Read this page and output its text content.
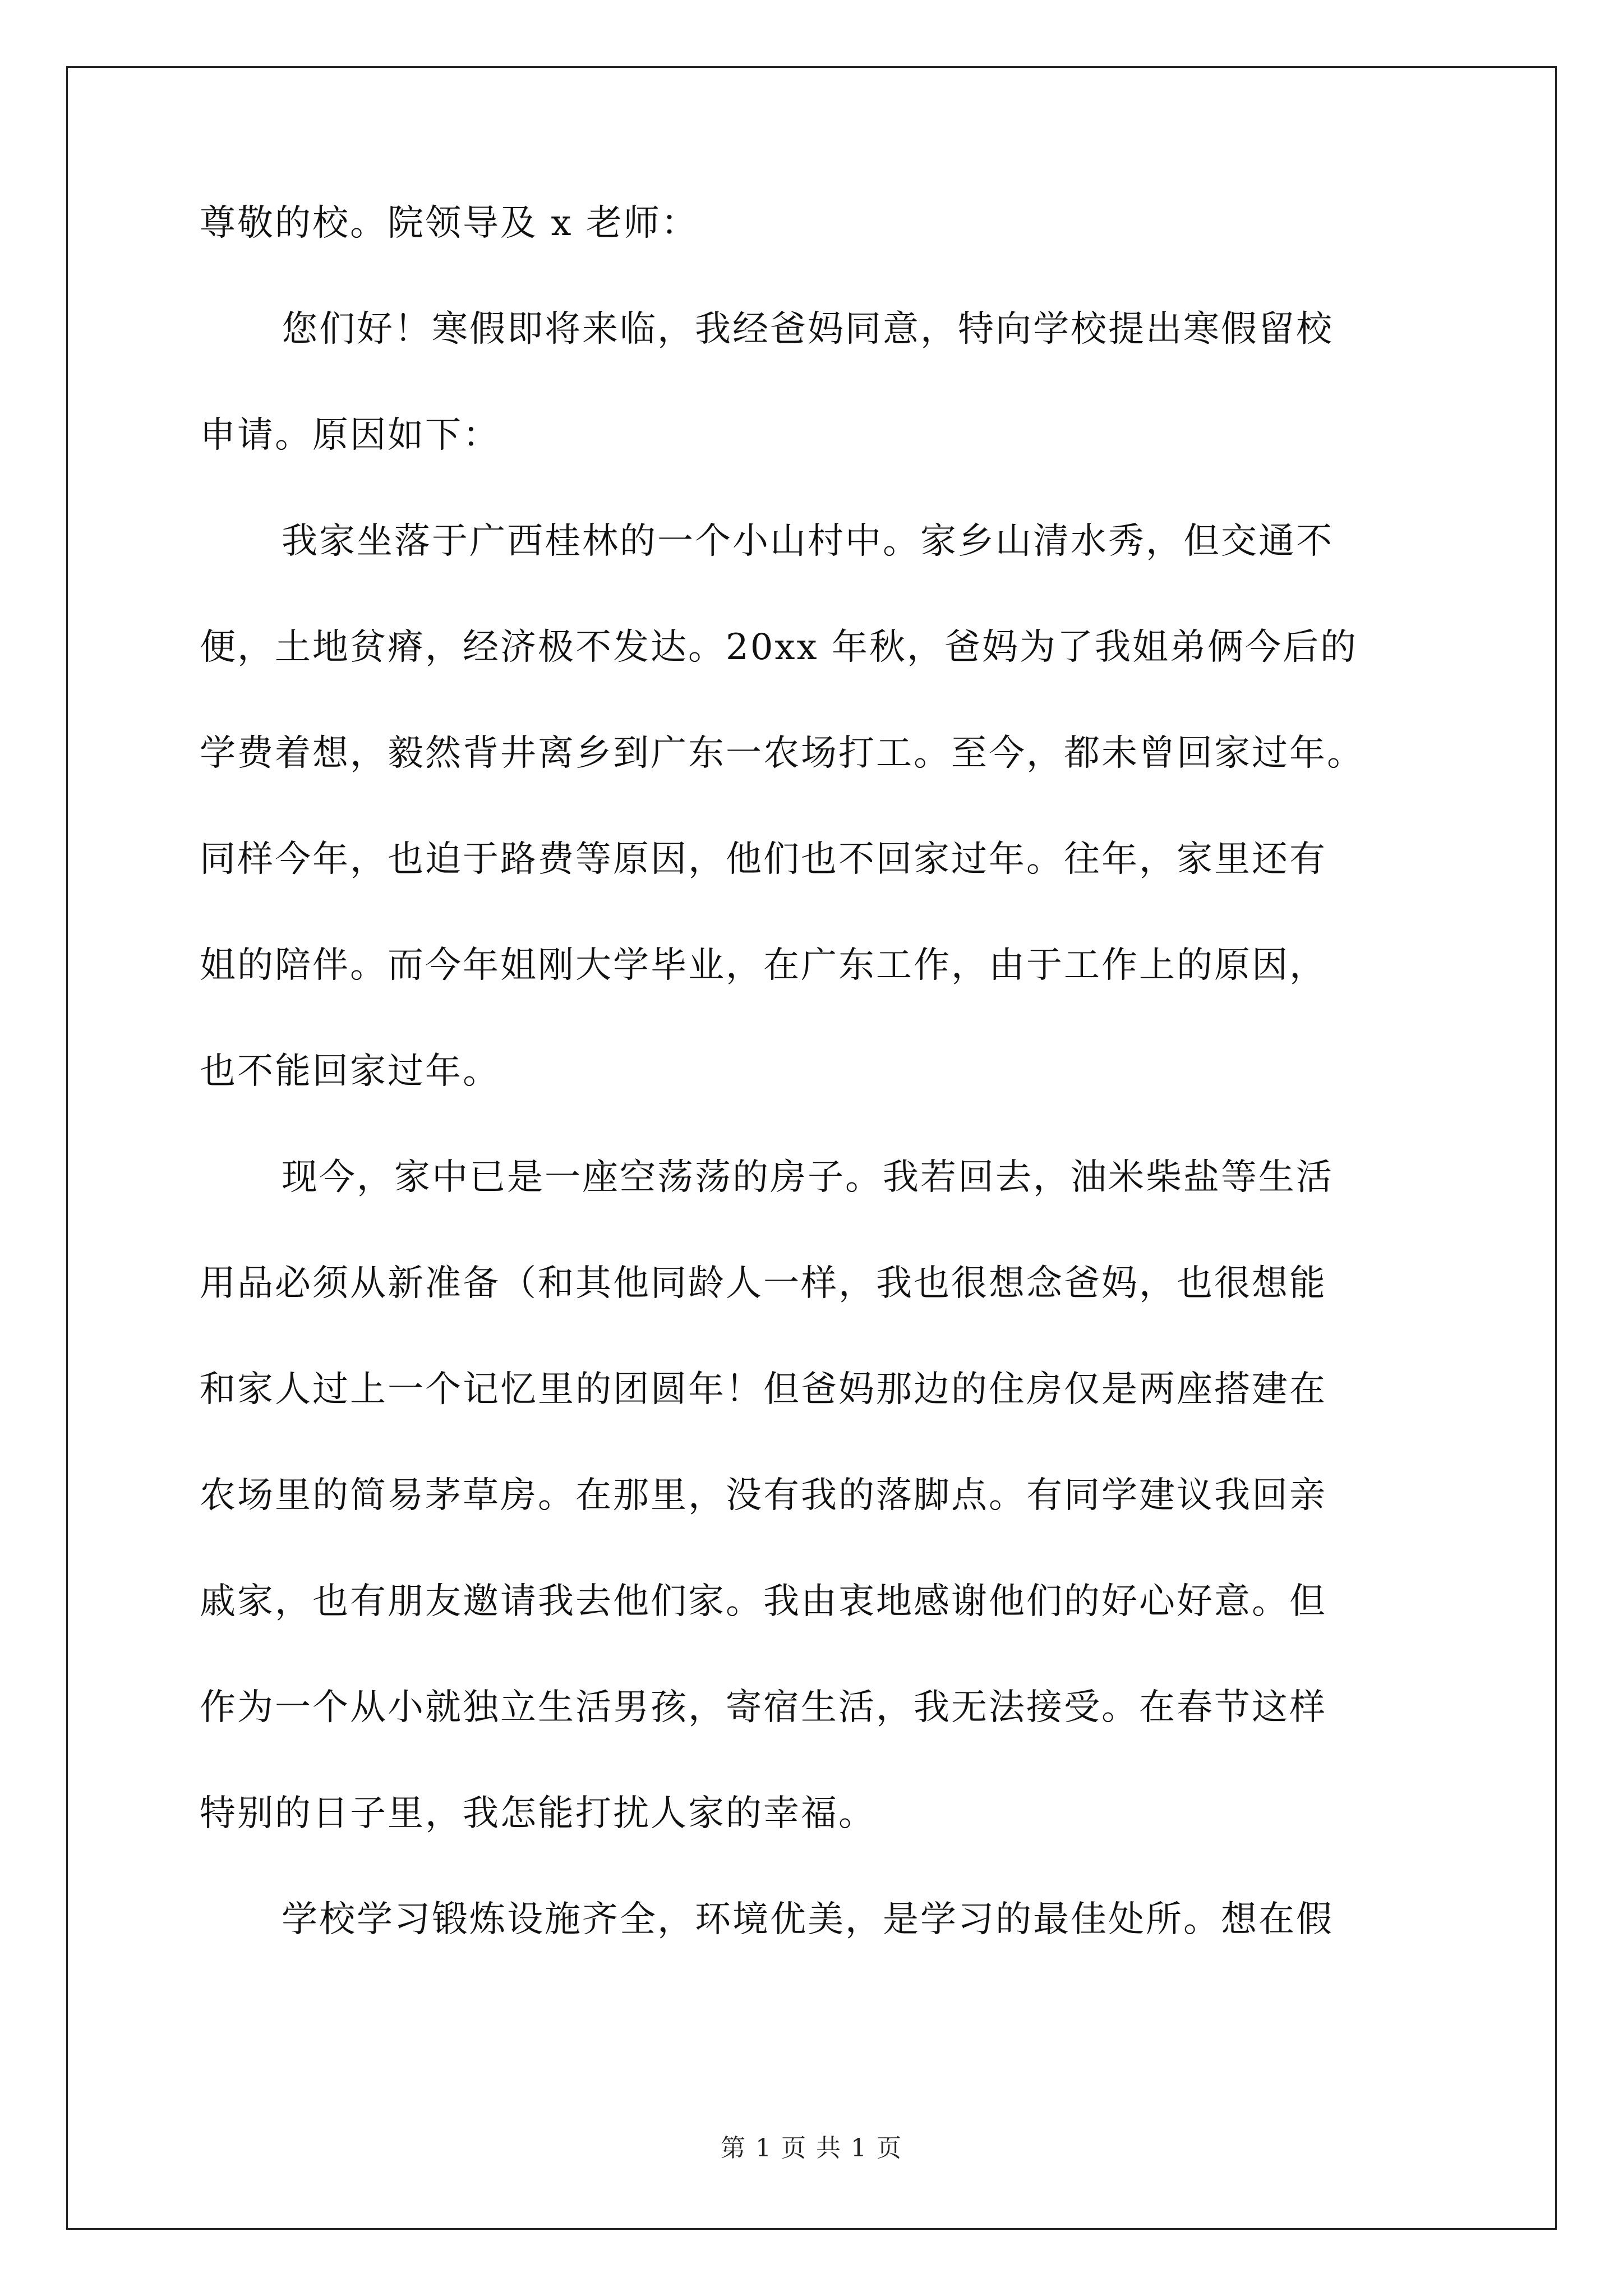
尊敬的校。院领导及 x 老师：
您们好！寒假即将来临，我经爸妈同意，特向学校提出寒假留校
申请。原因如下：
我家坐落于广西桂林的一个小山村中。家乡山清水秀，但交通不
便，土地贫瘠，经济极不发达。20xx 年秋，爸妈为了我姐弟俩今后的
学费着想，毅然背井离乡到广东一农场打工。至今，都未曾回家过年。
同样今年，也迫于路费等原因，他们也不回家过年。往年，家里还有
姐的陪伴。而今年姐刚大学毕业，在广东工作，由于工作上的原因，
也不能回家过年。
现今，家中已是一座空荡荡的房子。我若回去，油米柴盐等生活
用品必须从新准备（和其他同龄人一样，我也很想念爸妈，也很想能
和家人过上一个记忆里的团圆年！但爸妈那边的住房仅是两座搭建在
农场里的简易茅草房。在那里，没有我的落脚点。有同学建议我回亲
戚家，也有朋友邀请我去他们家。我由衷地感谢他们的好心好意。但
作为一个从小就独立生活男孩，寄宿生活，我无法接受。在春节这样
特别的日子里，我怎能打扰人家的幸福。
学校学习锻炼设施齐全，环境优美，是学习的最佳处所。想在假
第 1 页 共 1 页
